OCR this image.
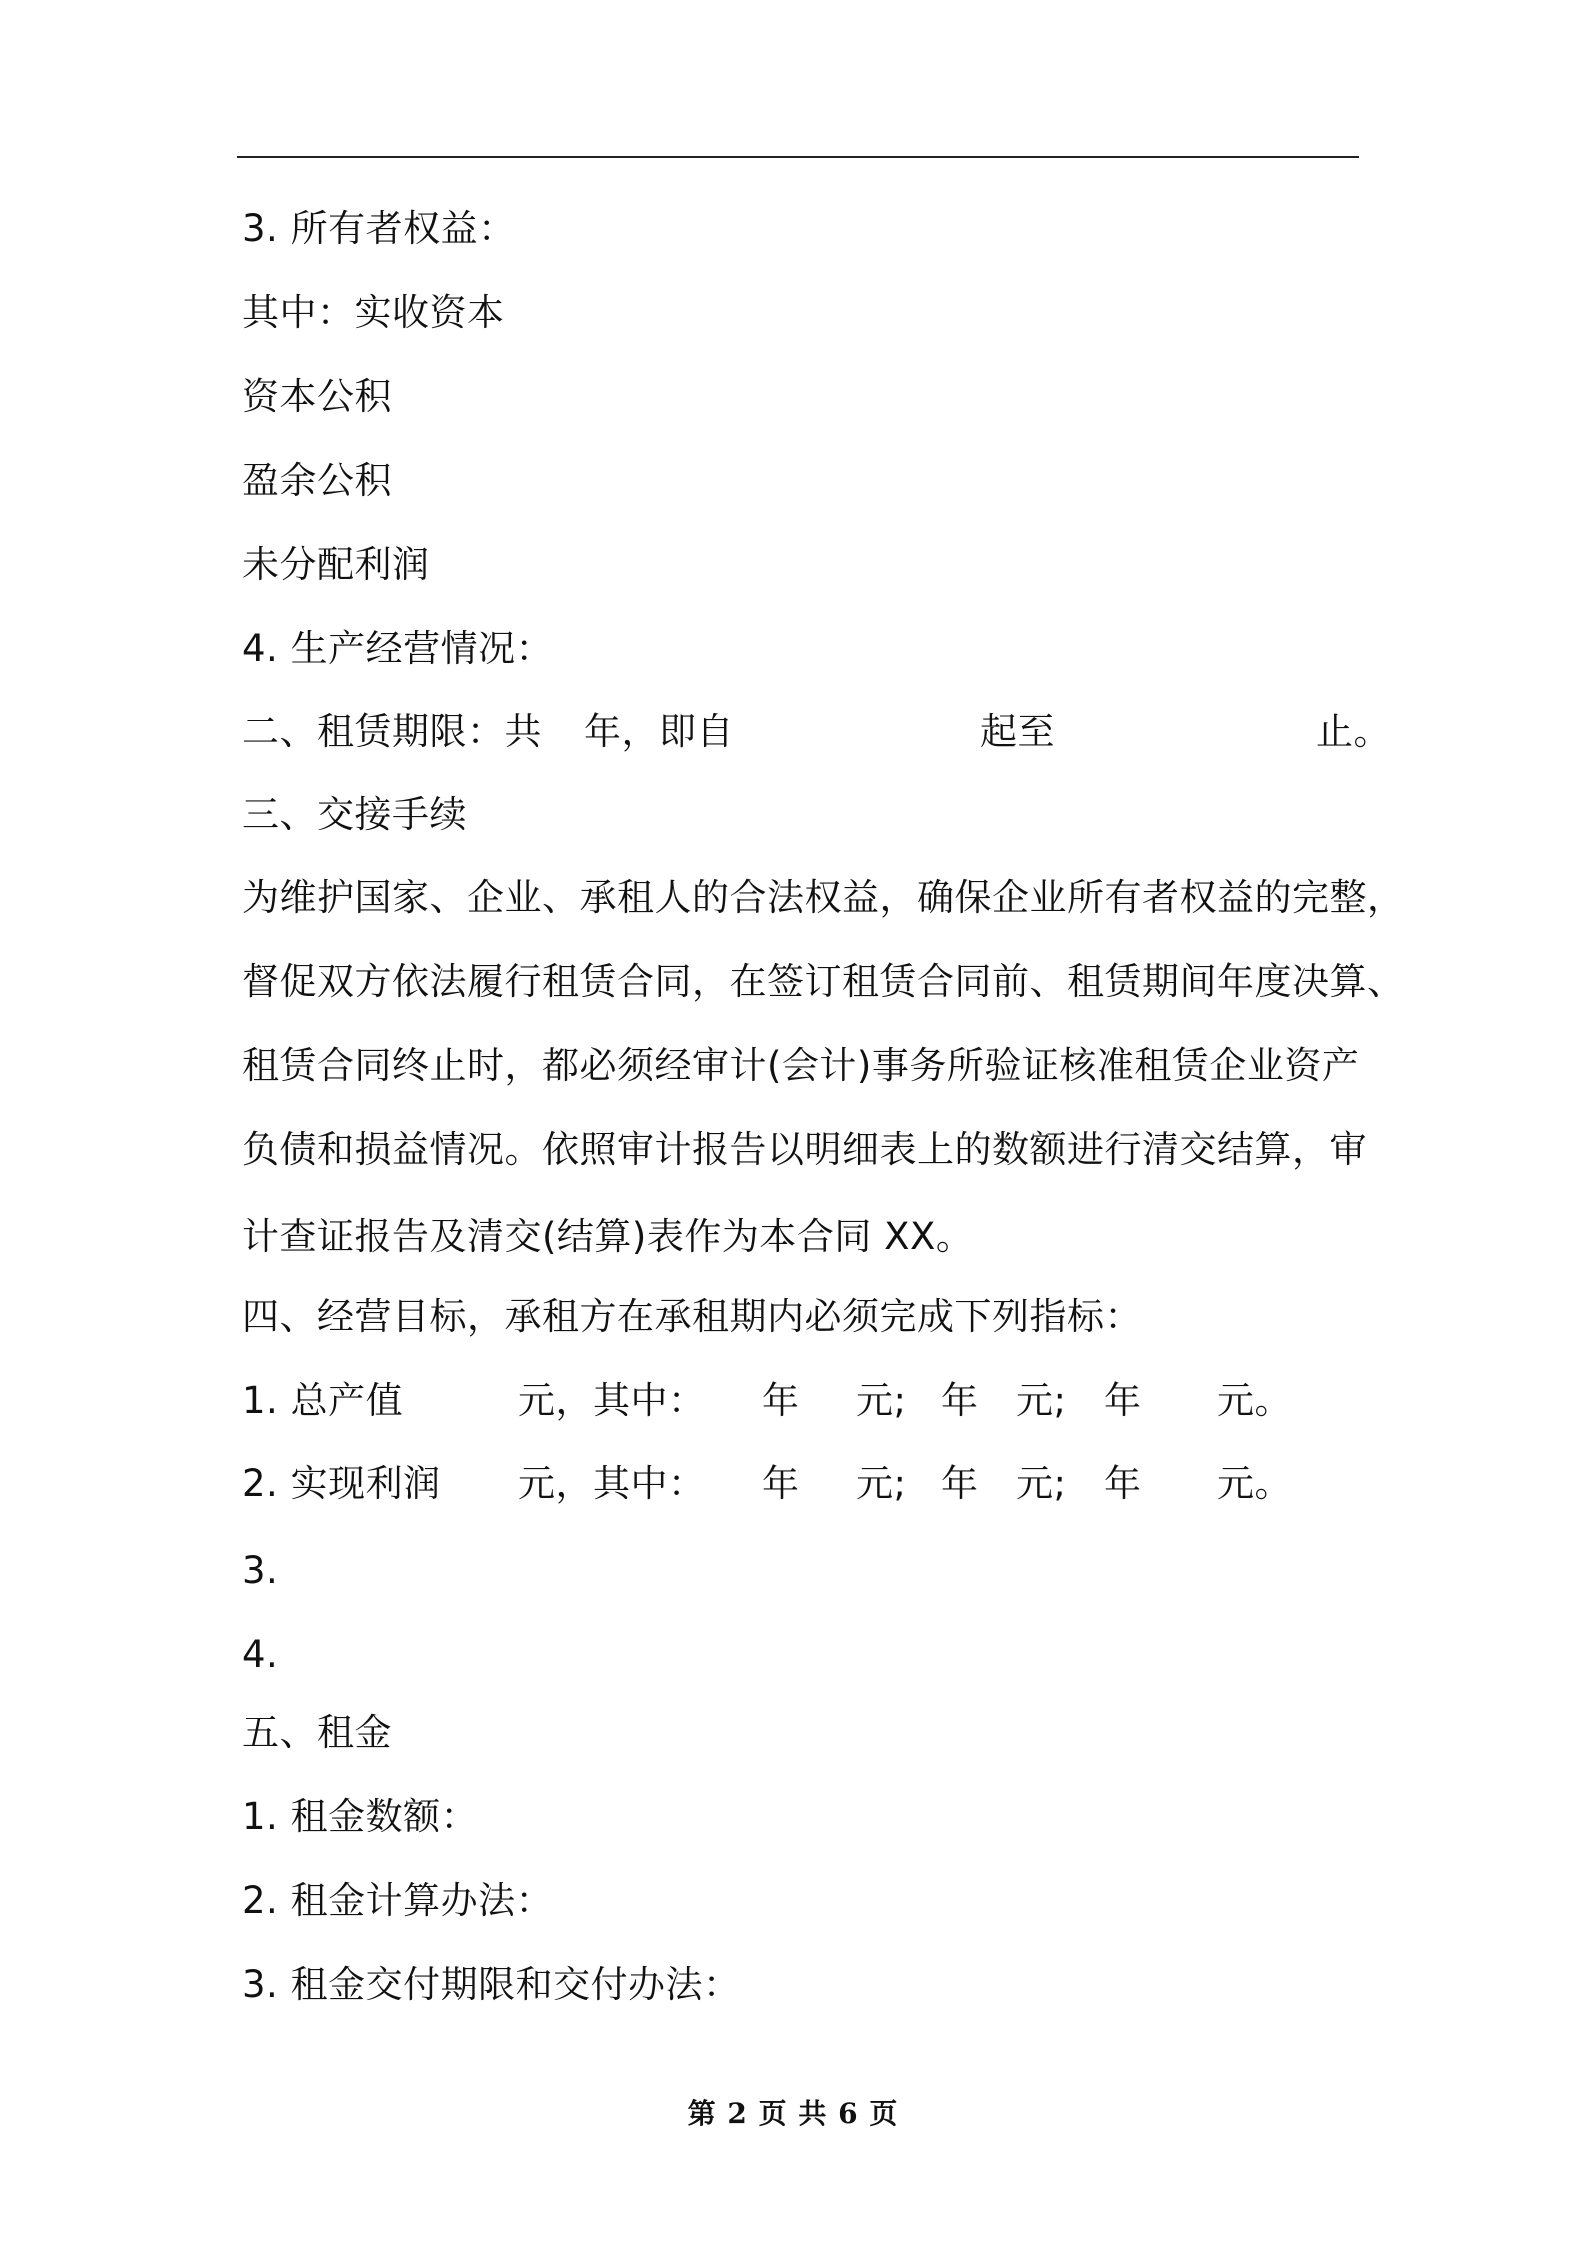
3. 所有者权益：
其中：实收资本
资本公积
盈余公积
未分配利润
4. 生产经营情况：
二、租赁期限：共 年，即自	起至	止。
三、交接手续
为维护国家、企业、承租人的合法权益，确保企业所有者权益的完整，
督促双方依法履行租赁合同，在签订租赁合同前、租赁期间年度决算、
租赁合同终止时，都必须经审计(会计)事务所验证核准租赁企业资产
负债和损益情况。依照审计报告以明细表上的数额进行清交结算，审
计查证报告及清交(结算)表作为本合同 XX。
四、经营目标，承租方在承租期内必须完成下列指标：
1. 总产值	元，其中： 年 元; 年 元; 年 元。
2. 实现利润 元，其中： 年 元; 年 元; 年 元。
3.
4.
五、租金
1. 租金数额：
2. 租金计算办法：
3. 租金交付期限和交付办法：
第 2 页 共 6 页
